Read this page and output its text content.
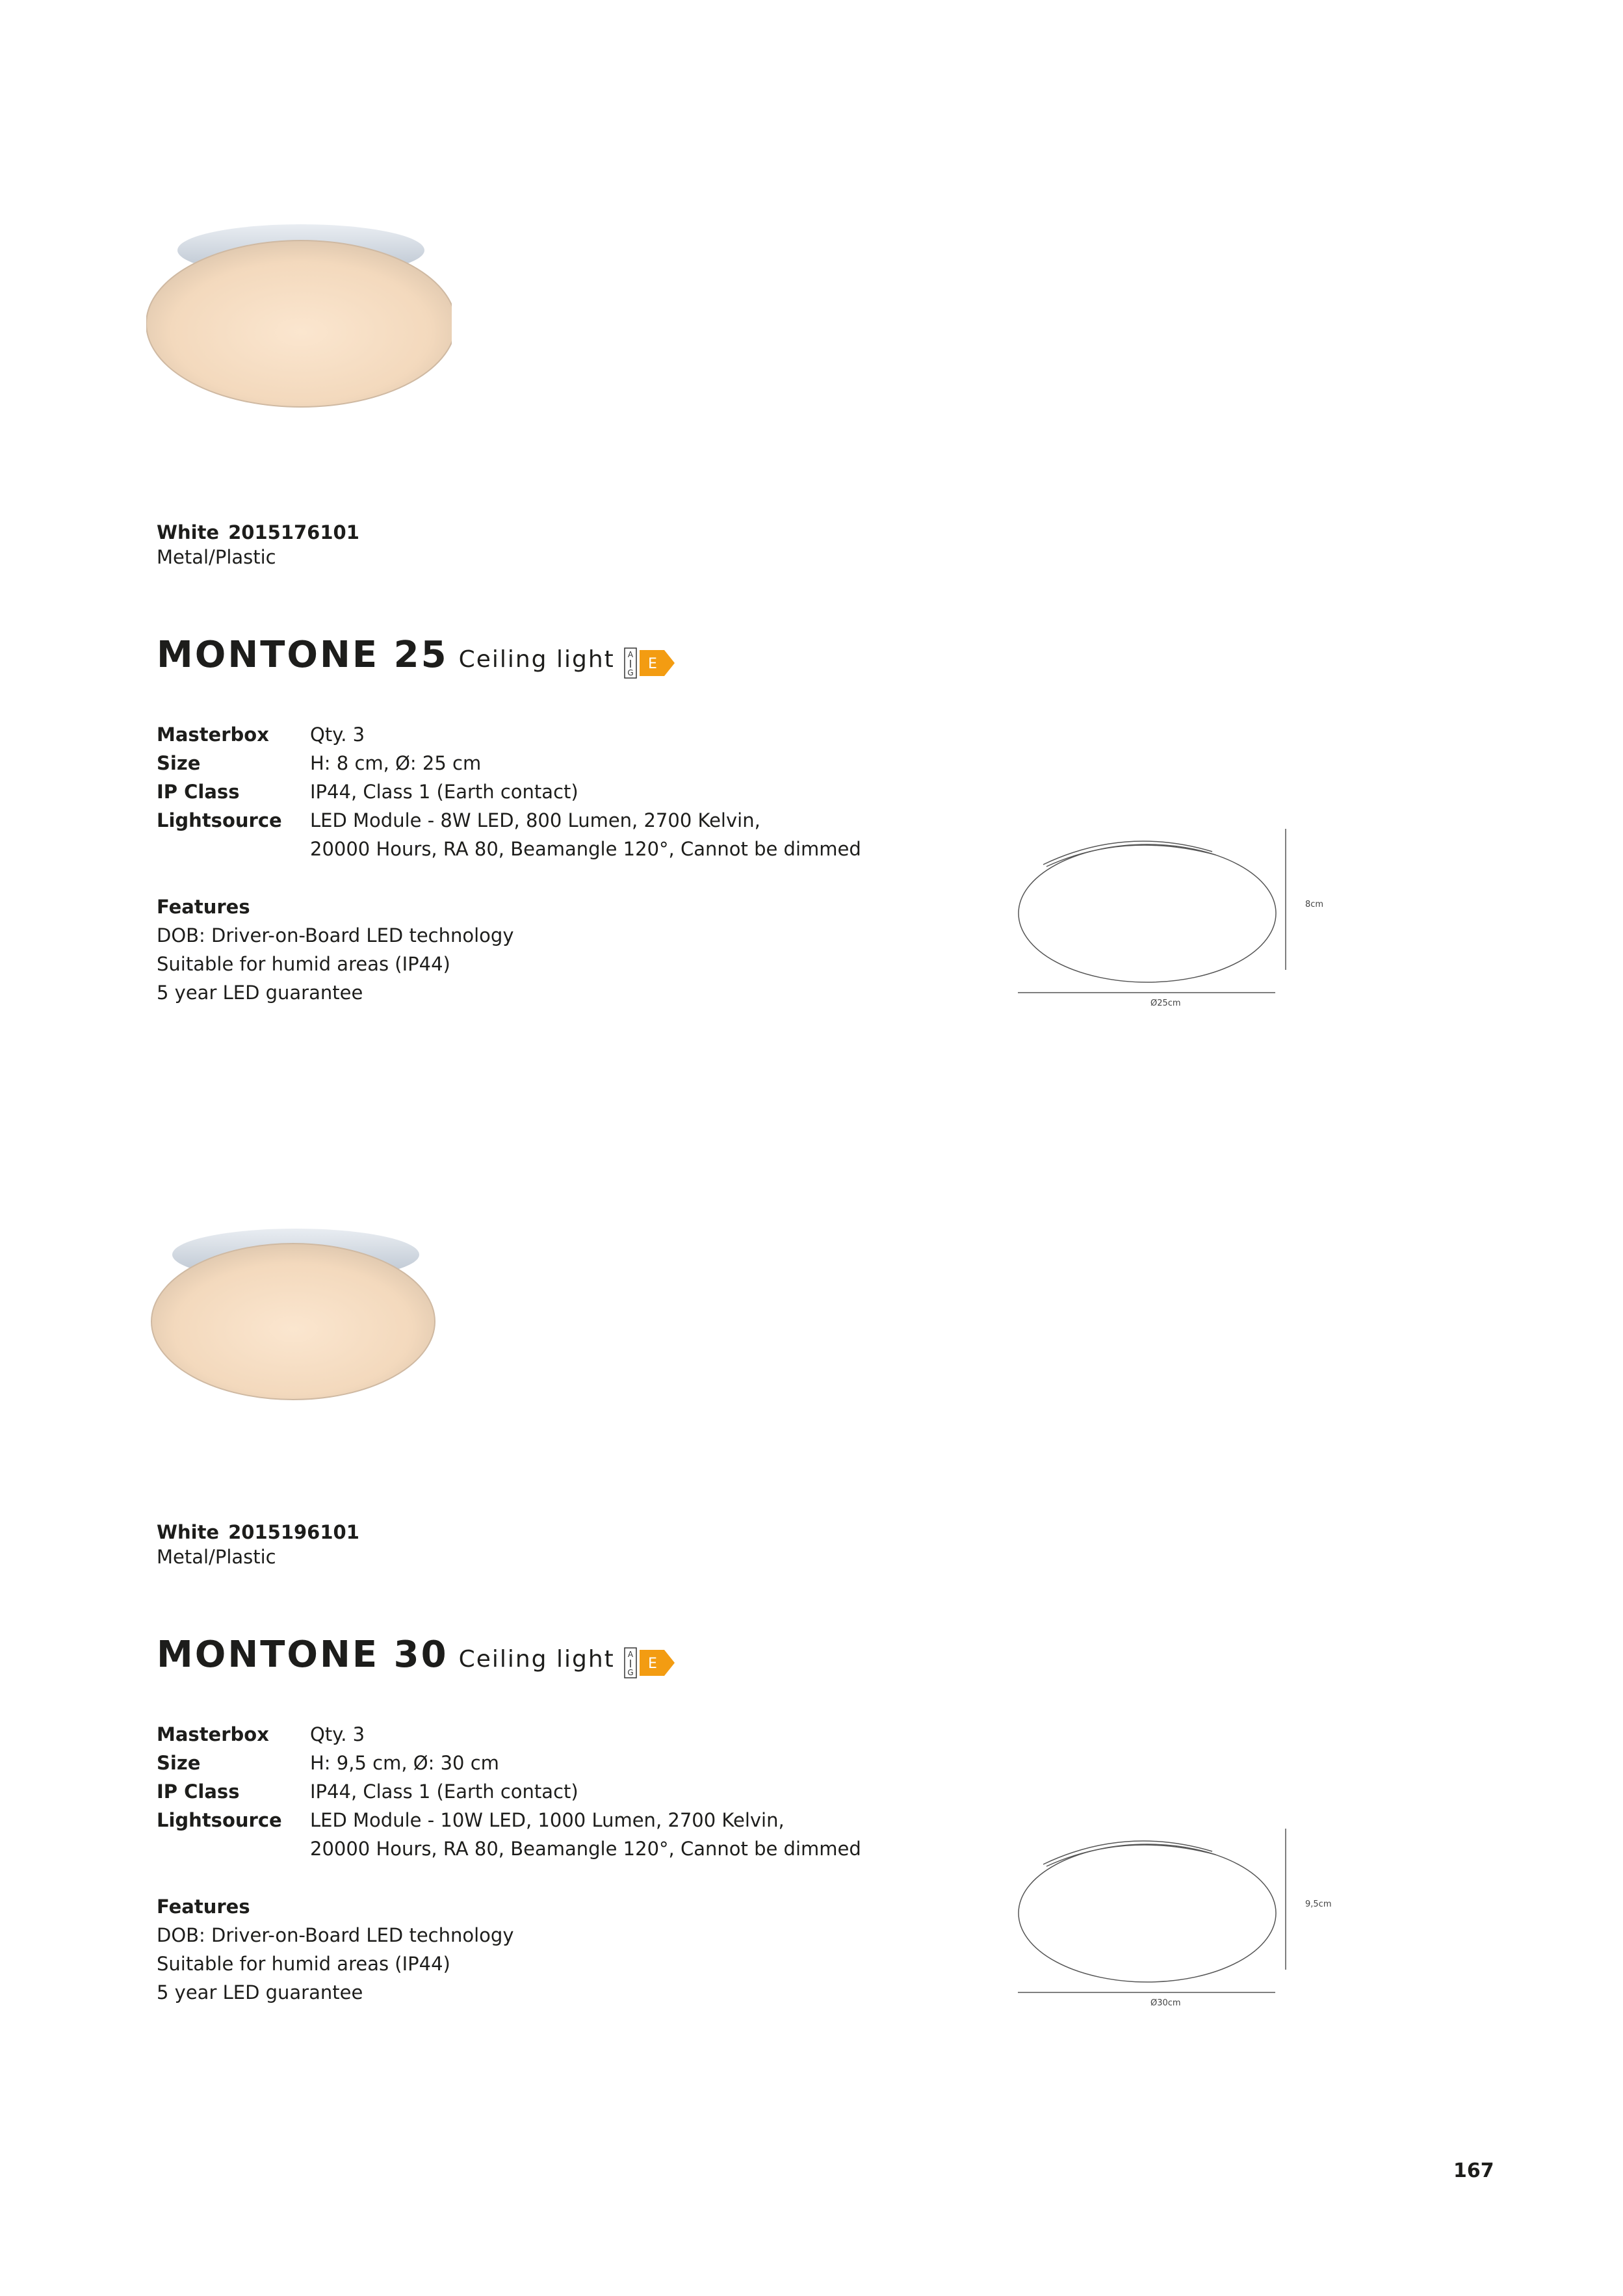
White 2015176101
Metal/Plastic
MONTONE 25 Ceiling light A
G
E
Masterbox Qty. 3
Size	H: 8 cm, Ø: 25 cm
IP Class	IP44, Class 1 (Earth contact)
Lightsource LED Module - 8W LED, 800 Lumen, 2700 Kelvin,
20000 Hours, RA 80, Beamangle 120°, Cannot be dimmed
Features
DOB: Driver-on-Board LED technology
Suitable for humid areas (IP44)
5 year LED guarantee
8cm
Ø25cm
White 2015196101
Metal/Plastic
MONTONE 30 Ceiling light A
G
E
Masterbox Qty. 3
Size	H: 9,5 cm, Ø: 30 cm
IP Class	IP44, Class 1 (Earth contact)
Lightsource LED Module - 10W LED, 1000 Lumen, 2700 Kelvin,
20000 Hours, RA 80, Beamangle 120°, Cannot be dimmed
Features
DOB: Driver-on-Board LED technology
Suitable for humid areas (IP44)
5 year LED guarantee
9,5cm
Ø30cm
167
